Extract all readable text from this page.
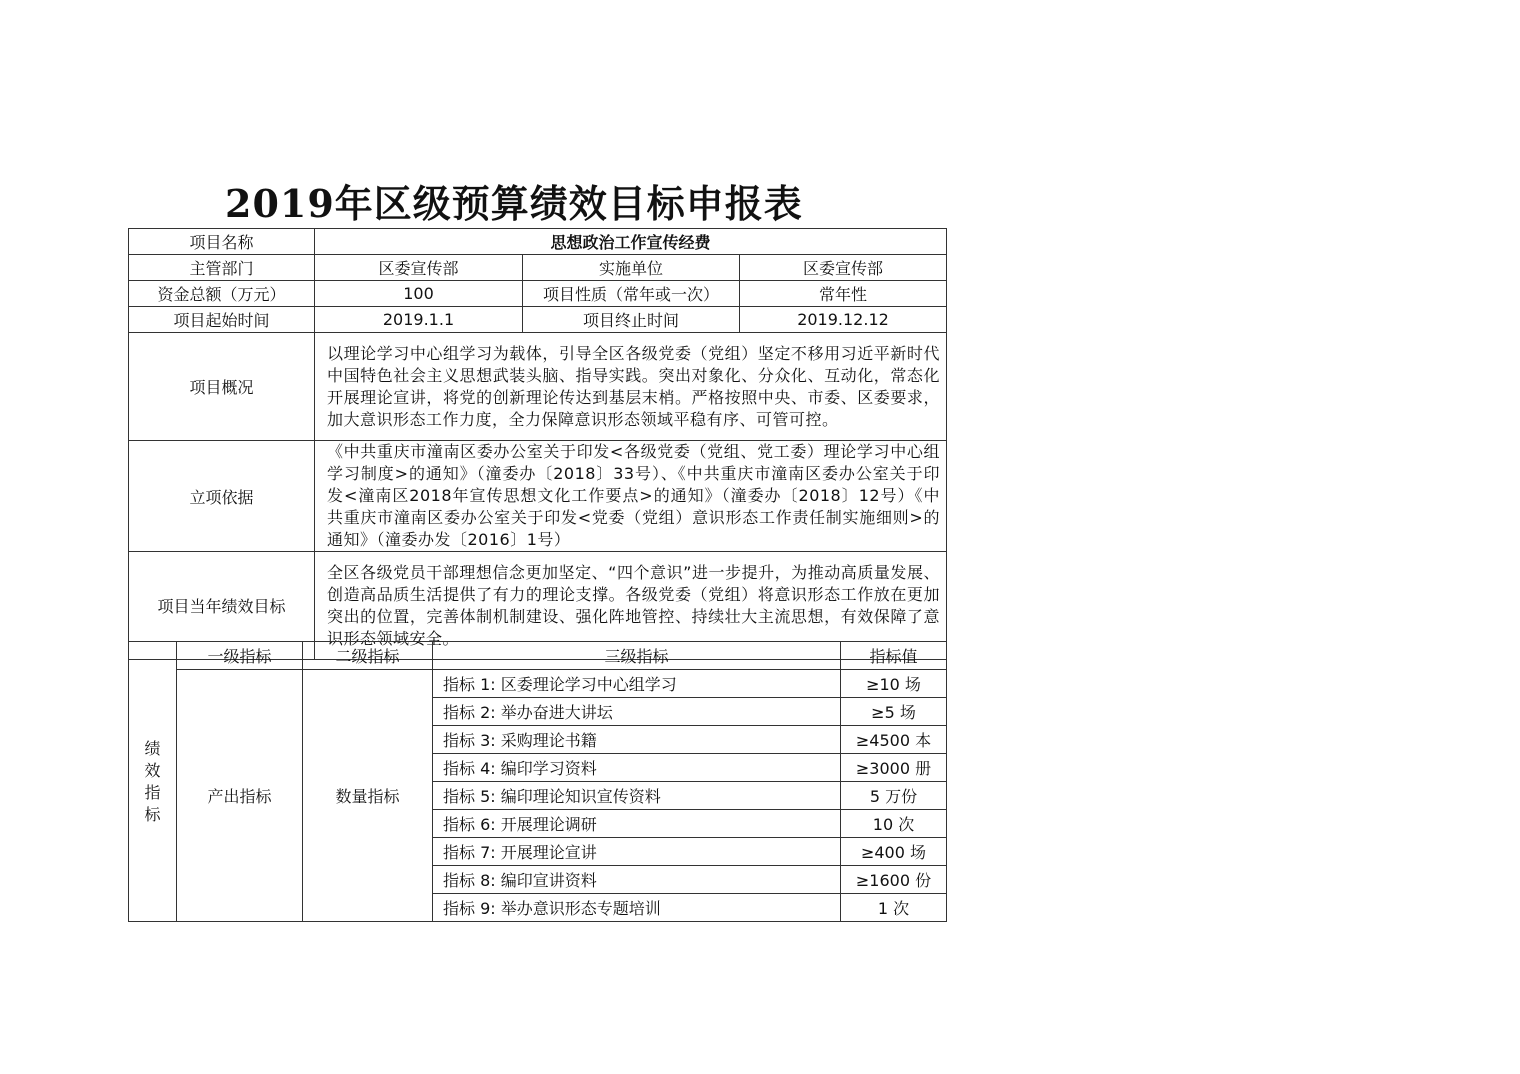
2019年区级预算绩效目标申报表
项目名称	思想政治工作宣传经费		
主管部门	区委宣传部	实施单位	区委宣传部
资金总额（万元）	100	项目性质（常年或一次）	常年性
项目起始时间	2019.1.1	项目终止时间	2019.12.12
项目概况	以理论学习中心组学习为载体，引导全区各级党委（党组）坚定不移用习近平新时代中国特色社会主义思想武装头脑、指导实践。突出对象化、分众化、互动化，常态化开展理论宣讲，将党的创新理论传达到基层末梢。严格按照中央、市委、区委要求，加大意识形态工作力度，全力保障意识形态领域平稳有序、可管可控。		
立项依据	《中共重庆市潼南区委办公室关于印发<各级党委（党组、党工委）理论学习中心组学习制度>的通知》（潼委办〔2018〕33号）、《中共重庆市潼南区委办公室关于印发<潼南区2018年宣传思想文化工作要点>的通知》（潼委办〔2018〕12号）《中共重庆市潼南区委办公室关于印发<党委（党组）意识形态工作责任制实施细则>的通知》（潼委办发〔2016〕1号）		
项目当年绩效目标	全区各级党员干部理想信念更加坚定、“四个意识”进一步提升，为推动高质量发展、创造高品质生活提供了有力的理论支撑。各级党委（党组）将意识形态工作放在更加突出的位置，完善体制机制建设、强化阵地管控、持续壮大主流思想，有效保障了意识形态领域安全。		
绩效指标	一级指标	二级指标	三级指标	指标值
	产出指标	数量指标	指标 1: 区委理论学习中心组学习	≥10 场
			指标 2: 举办奋进大讲坛	≥5 场
			指标 3: 采购理论书籍	≥4500 本
			指标 4: 编印学习资料	≥3000 册
			指标 5: 编印理论知识宣传资料	5 万份
			指标 6: 开展理论调研	10 次
			指标 7: 开展理论宣讲	≥400 场
			指标 8: 编印宣讲资料	≥1600 份
			指标 9: 举办意识形态专题培训	1 次
